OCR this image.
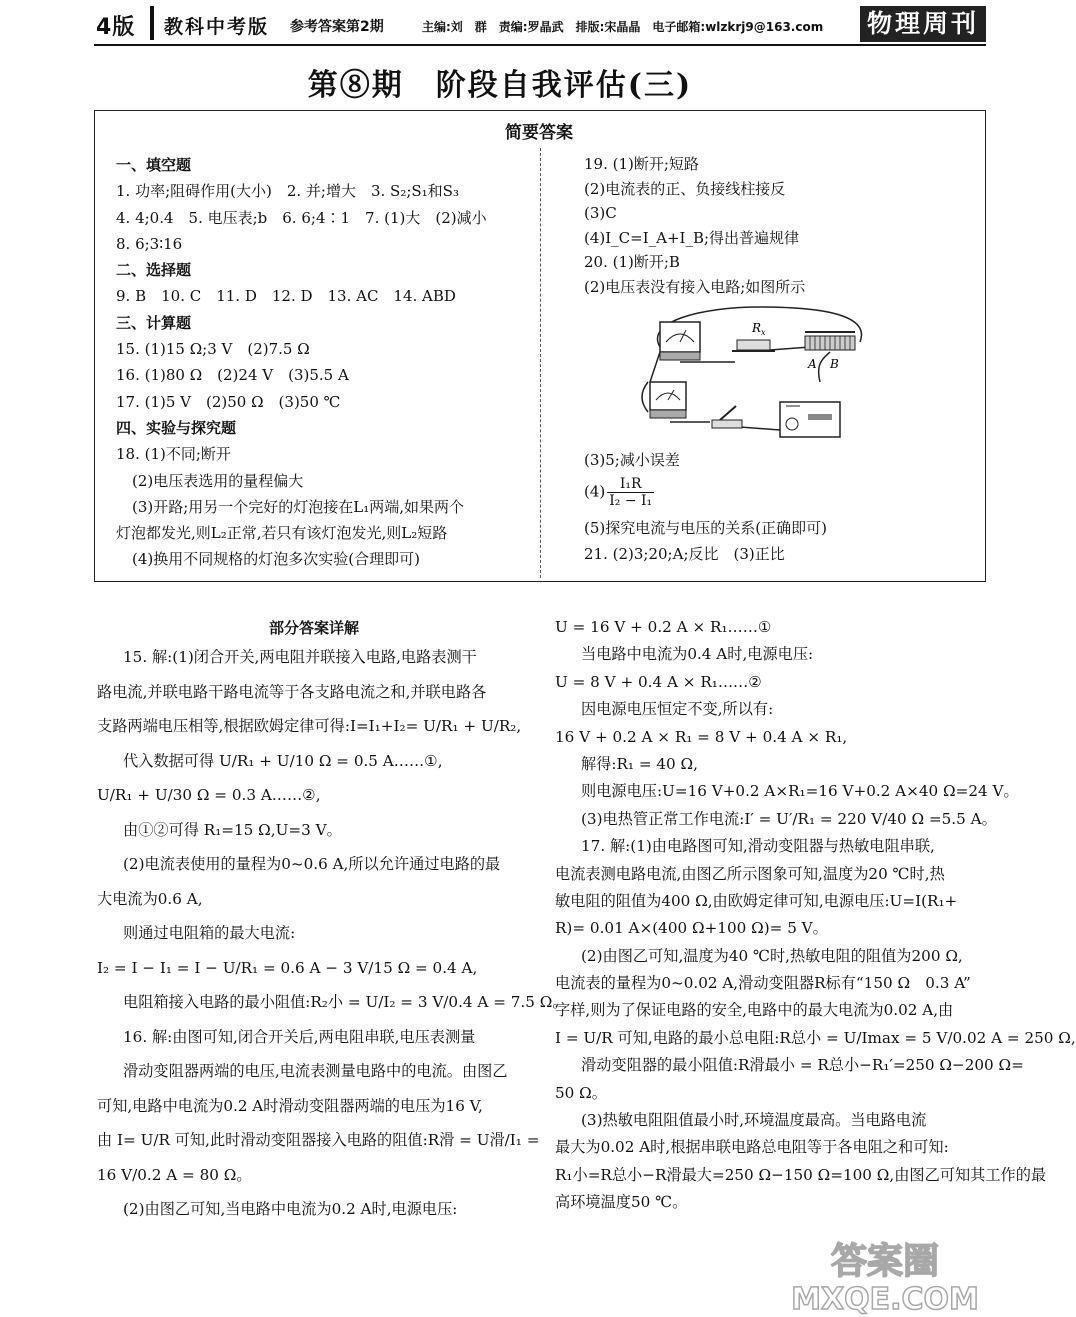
4版 教科中考版 参考答案第2期	主编:刘　群　责编:罗晶武　排版:宋晶晶　电子邮箱:wlzkrj9@163.com 物理周刊
第⑧期　阶段自我评估(三)
简要答案
一、填空题
1. 功率;阻碍作用(大小)　2. 并;增大　3. S₂;S₁和S₃
4. 4;0.4　5. 电压表;b　6. 6;4∶1　7. (1)大　(2)减小
8. 6;3∶16
二、选择题
9. B　10. C　11. D　12. D　13. AC　14. ABD
三、计算题
15. (1)15 Ω;3 V　(2)7.5 Ω
16. (1)80 Ω　(2)24 V　(3)5.5 A
17. (1)5 V　(2)50 Ω　(3)50 ℃
四、实验与探究题
18. (1)不同;断开
(2)电压表选用的量程偏大
(3)开路;用另一个完好的灯泡接在L₁两端,如果两个
灯泡都发光,则L₂正常,若只有该灯泡发光,则L₂短路
(4)换用不同规格的灯泡多次实验(合理即可)
19. (1)断开;短路
(2)电流表的正、负接线柱接反
(3)C
(4)I_C=I_A+I_B;得出普遍规律
20. (1)断开;B
(2)电压表没有接入电路;如图所示
$R_x$
A B
(3)5;减小误差
$(4) \frac{\text{I₁R}}{\text{I₂ − I₁}}$
(5)探究电流与电压的关系(正确即可)
21. (2)3;20;A;反比　(3)正比
部分答案详解
15. 解:(1)闭合开关,两电阻并联接入电路,电路表测干
路电流,并联电路干路电流等于各支路电流之和,并联电路各
支路两端电压相等,根据欧姆定律可得:I=I₁+I₂= U/R₁ + U/R₂,
代入数据可得 U/R₁ + U/10 Ω = 0.5 A……①,
U/R₁ + U/30 Ω = 0.3 A……②,
由①②可得 R₁=15 Ω,U=3 V。
(2)电流表使用的量程为0~0.6 A,所以允许通过电路的最
大电流为0.6 A,
则通过电阻箱的最大电流:
I₂ = I − I₁ = I − U/R₁ = 0.6 A − 3 V/15 Ω = 0.4 A,
电阻箱接入电路的最小阻值:R₂小 = U/I₂ = 3 V/0.4 A = 7.5 Ω。
16. 解:由图可知,闭合开关后,两电阻串联,电压表测量
滑动变阻器两端的电压,电流表测量电路中的电流。由图乙
可知,电路中电流为0.2 A时滑动变阻器两端的电压为16 V,
由 I= U/R 可知,此时滑动变阻器接入电路的阻值:R滑 = U滑/I₁ =
16 V/0.2 A = 80 Ω。
(2)由图乙可知,当电路中电流为0.2 A时,电源电压:
U = 16 V + 0.2 A × R₁……①
当电路中电流为0.4 A时,电源电压:
U = 8 V + 0.4 A × R₁……②
因电源电压恒定不变,所以有:
16 V + 0.2 A × R₁ = 8 V + 0.4 A × R₁,
解得:R₁ = 40 Ω,
则电源电压:U=16 V+0.2 A×R₁=16 V+0.2 A×40 Ω=24 V。
(3)电热管正常工作电流:I′ = U′/R₁ = 220 V/40 Ω =5.5 A。
17. 解:(1)由电路图可知,滑动变阻器与热敏电阻串联,
电流表测电路电流,由图乙所示图象可知,温度为20 ℃时,热
敏电阻的阻值为400 Ω,由欧姆定律可知,电源电压:U=I(R₁+
R)= 0.01 A×(400 Ω+100 Ω)= 5 V。
(2)由图乙可知,温度为40 ℃时,热敏电阻的阻值为200 Ω,
电流表的量程为0~0.02 A,滑动变阻器R标有“150 Ω　0.3 A”
字样,则为了保证电路的安全,电路中的最大电流为0.02 A,由
I = U/R 可知,电路的最小总电阻:R总小 = U/Imax = 5 V/0.02 A = 250 Ω,
滑动变阻器的最小阻值:R滑最小 = R总小−R₁′=250 Ω−200 Ω=
50 Ω。
(3)热敏电阻阻值最小时,环境温度最高。当电路电流
最大为0.02 A时,根据串联电路总电阻等于各电阻之和可知:
R₁小=R总小−R滑最大=250 Ω−150 Ω=100 Ω,由图乙可知其工作的最
高环境温度50 ℃。
答案圈
MXQE.COM
